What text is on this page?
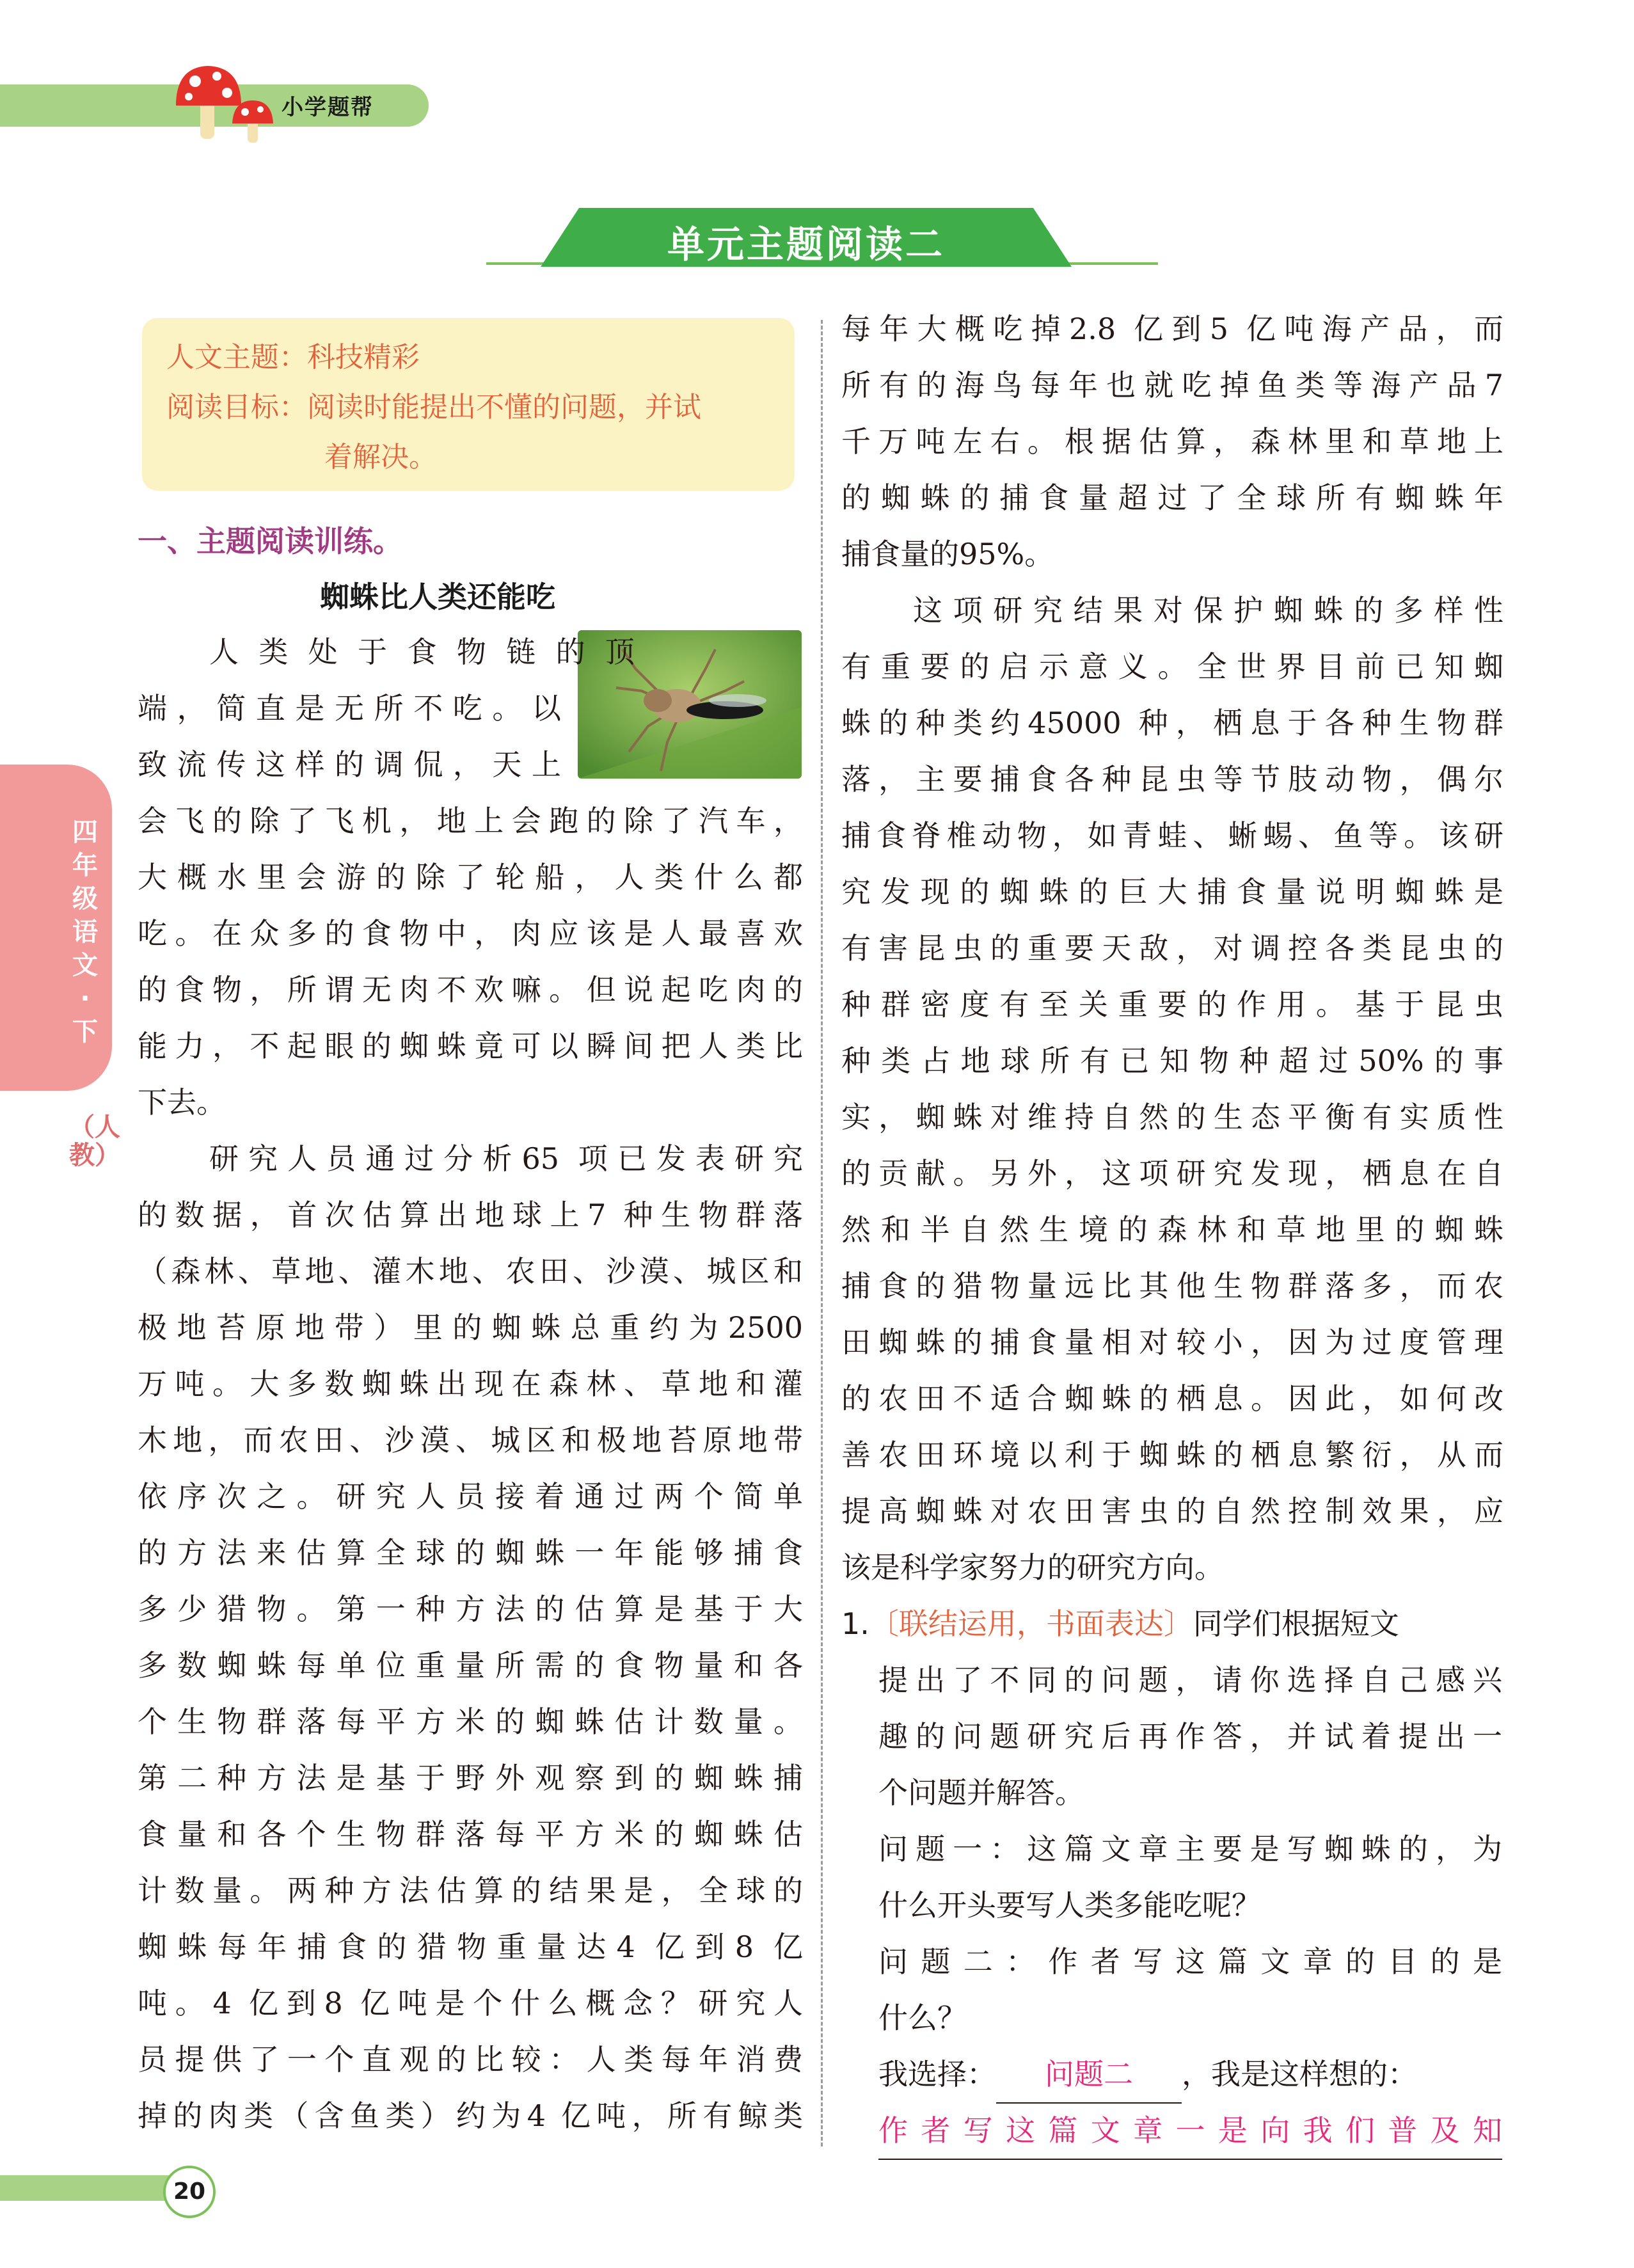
小学题帮
单元主题阅读二
人文主题：科技精彩
阅读目标：阅读时能提出不懂的问题，并试
着解决。
一、主题阅读训练。
蜘蛛比人类还能吃
四年级语文·下
（人教）
人类处于食物链的顶
端，简直是无所不吃。以
致流传这样的调侃，天上
会飞的除了飞机，地上会跑的除了汽车，
大概水里会游的除了轮船，人类什么都
吃。在众多的食物中，肉应该是人最喜欢
的食物，所谓无肉不欢嘛。但说起吃肉的
能力，不起眼的蜘蛛竟可以瞬间把人类比
下去。
研究人员通过分析65 项已发表研究
的数据，首次估算出地球上7 种生物群落
（森林、草地、灌木地、农田、沙漠、城区和
极地苔原地带）里的蜘蛛总重约为2500
万吨。大多数蜘蛛出现在森林、草地和灌
木地，而农田、沙漠、城区和极地苔原地带
依序次之。研究人员接着通过两个简单
的方法来估算全球的蜘蛛一年能够捕食
多少猎物。第一种方法的估算是基于大
多数蜘蛛每单位重量所需的食物量和各
个生物群落每平方米的蜘蛛估计数量。
第二种方法是基于野外观察到的蜘蛛捕
食量和各个生物群落每平方米的蜘蛛估
计数量。两种方法估算的结果是，全球的
蜘蛛每年捕食的猎物重量达4 亿到8 亿
吨。4 亿到8 亿吨是个什么概念？研究人
员提供了一个直观的比较：人类每年消费
掉的肉类（含鱼类）约为4 亿吨，所有鲸类
每年大概吃掉2.8 亿到5 亿吨海产品，而
所有的海鸟每年也就吃掉鱼类等海产品7
千万吨左右。根据估算，森林里和草地上
的蜘蛛的捕食量超过了全球所有蜘蛛年
捕食量的95%。
这项研究结果对保护蜘蛛的多样性
有重要的启示意义。全世界目前已知蜘
蛛的种类约45000 种，栖息于各种生物群
落，主要捕食各种昆虫等节肢动物，偶尔
捕食脊椎动物，如青蛙、蜥蜴、鱼等。该研
究发现的蜘蛛的巨大捕食量说明蜘蛛是
有害昆虫的重要天敌，对调控各类昆虫的
种群密度有至关重要的作用。基于昆虫
种类占地球所有已知物种超过50%的事
实，蜘蛛对维持自然的生态平衡有实质性
的贡献。另外，这项研究发现，栖息在自
然和半自然生境的森林和草地里的蜘蛛
捕食的猎物量远比其他生物群落多，而农
田蜘蛛的捕食量相对较小，因为过度管理
的农田不适合蜘蛛的栖息。因此，如何改
善农田环境以利于蜘蛛的栖息繁衍，从而
提高蜘蛛对农田害虫的自然控制效果，应
该是科学家努力的研究方向。
1.〔联结运用，书面表达〕同学们根据短文
提出了不同的问题，请你选择自己感兴
趣的问题研究后再作答，并试着提出一
个问题并解答。
问题一：这篇文章主要是写蜘蛛的，为
什么开头要写人类多能吃呢？
问题二：作者写这篇文章的目的是
什么？
我选择： 问题二 ，我是这样想的：
作者写这篇文章一是向我们普及知
20
